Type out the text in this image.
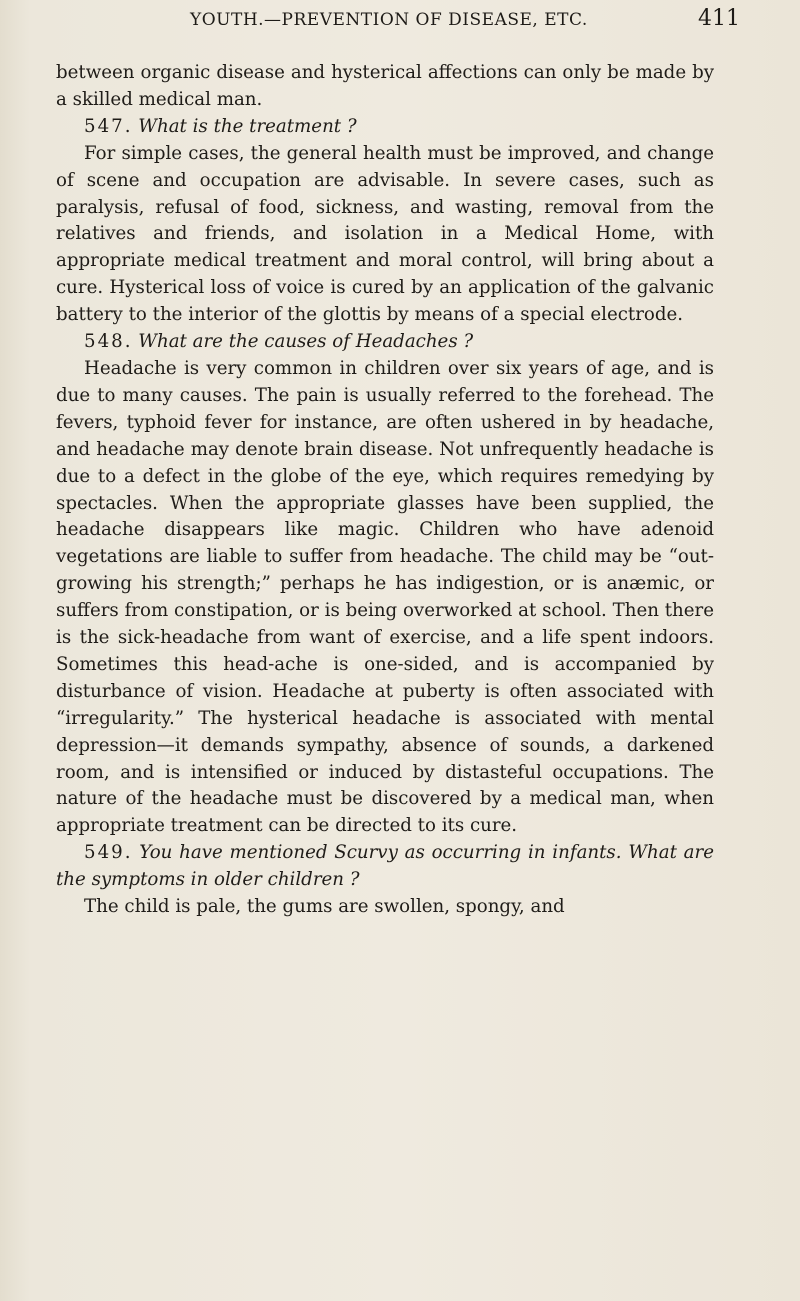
YOUTH.—PREVENTION OF DISEASE, ETC.	411

between organic disease and hysterical affections can only be made by a skilled medical man.

547. What is the treatment ?

For simple cases, the general health must be improved, and change of scene and occupation are advisable. In severe cases, such as paralysis, refusal of food, sickness, and wasting, removal from the relatives and friends, and isolation in a Medical Home, with appropriate medical treatment and moral control, will bring about a cure. Hysterical loss of voice is cured by an application of the galvanic battery to the interior of the glottis by means of a special electrode.

548. What are the causes of Headaches ?

Headache is very common in children over six years of age, and is due to many causes. The pain is usually referred to the forehead. The fevers, typhoid fever for instance, are often ushered in by headache, and headache may denote brain disease. Not unfrequently headache is due to a defect in the globe of the eye, which requires remedying by spectacles. When the appropriate glasses have been supplied, the headache disappears like magic. Children who have adenoid vegetations are liable to suffer from headache. The child may be “out-growing his strength;” perhaps he has indigestion, or is anæmic, or suffers from constipation, or is being overworked at school. Then there is the sick-headache from want of exercise, and a life spent indoors. Sometimes this head-ache is one-sided, and is accompanied by disturbance of vision. Headache at puberty is often associated with “irregularity.” The hysterical headache is associated with mental depression—it demands sympathy, absence of sounds, a darkened room, and is intensified or induced by distasteful occupations. The nature of the headache must be discovered by a medical man, when appropriate treatment can be directed to its cure.

549. You have mentioned Scurvy as occurring in infants. What are the symptoms in older children ?

The child is pale, the gums are swollen, spongy, and
